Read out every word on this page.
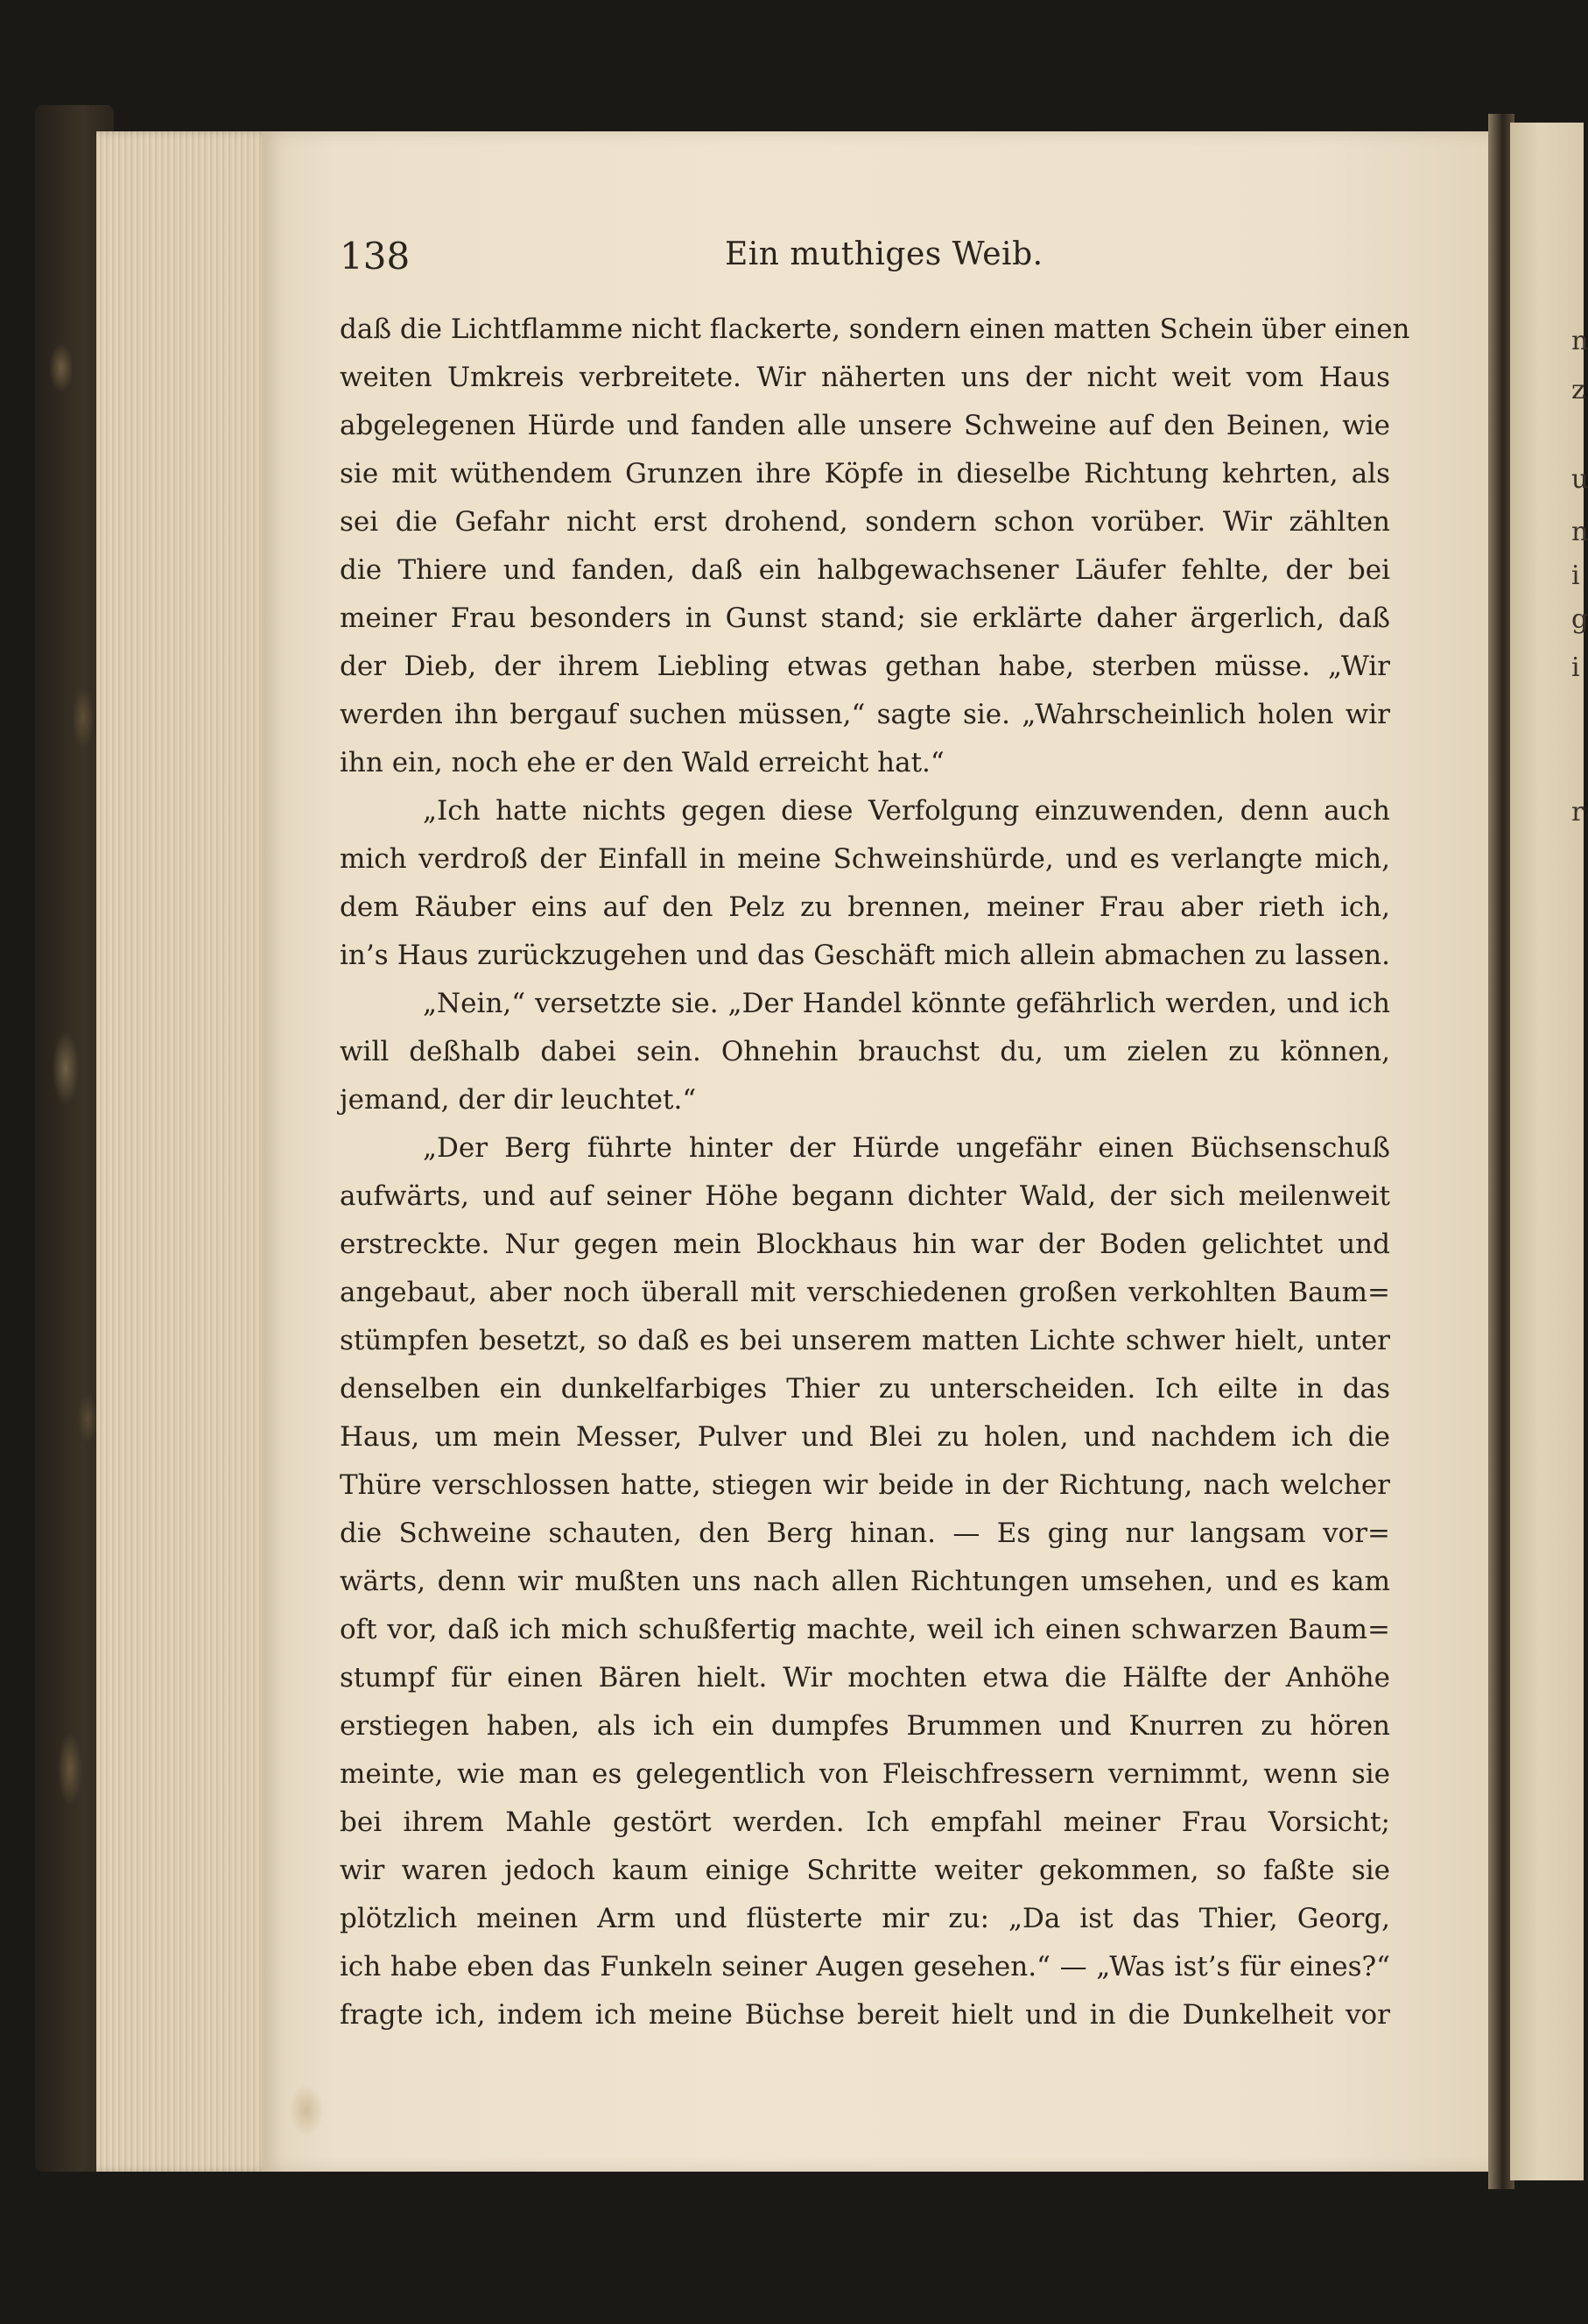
n
z
u
n
i
g
i
r
138	Ein muthiges Weib.
daß die Lichtflamme nicht flackerte, sondern einen matten Schein über einen
weiten Umkreis verbreitete. Wir näherten uns der nicht weit vom Haus
abgelegenen Hürde und fanden alle unsere Schweine auf den Beinen, wie
sie mit wüthendem Grunzen ihre Köpfe in dieselbe Richtung kehrten, als
sei die Gefahr nicht erst drohend, sondern schon vorüber. Wir zählten
die Thiere und fanden, daß ein halbgewachsener Läufer fehlte, der bei
meiner Frau besonders in Gunst stand; sie erklärte daher ärgerlich, daß
der Dieb, der ihrem Liebling etwas gethan habe, sterben müsse. „Wir
werden ihn bergauf suchen müssen,“ sagte sie. „Wahrscheinlich holen wir
ihn ein, noch ehe er den Wald erreicht hat.“
„Ich hatte nichts gegen diese Verfolgung einzuwenden, denn auch
mich verdroß der Einfall in meine Schweinshürde, und es verlangte mich,
dem Räuber eins auf den Pelz zu brennen, meiner Frau aber rieth ich,
in’s Haus zurückzugehen und das Geschäft mich allein abmachen zu lassen.
„Nein,“ versetzte sie. „Der Handel könnte gefährlich werden, und ich
will deßhalb dabei sein. Ohnehin brauchst du, um zielen zu können,
jemand, der dir leuchtet.“
„Der Berg führte hinter der Hürde ungefähr einen Büchsenschuß
aufwärts, und auf seiner Höhe begann dichter Wald, der sich meilenweit
erstreckte. Nur gegen mein Blockhaus hin war der Boden gelichtet und
angebaut, aber noch überall mit verschiedenen großen verkohlten Baum=
stümpfen besetzt, so daß es bei unserem matten Lichte schwer hielt, unter
denselben ein dunkelfarbiges Thier zu unterscheiden. Ich eilte in das
Haus, um mein Messer, Pulver und Blei zu holen, und nachdem ich die
Thüre verschlossen hatte, stiegen wir beide in der Richtung, nach welcher
die Schweine schauten, den Berg hinan. — Es ging nur langsam vor=
wärts, denn wir mußten uns nach allen Richtungen umsehen, und es kam
oft vor, daß ich mich schußfertig machte, weil ich einen schwarzen Baum=
stumpf für einen Bären hielt. Wir mochten etwa die Hälfte der Anhöhe
erstiegen haben, als ich ein dumpfes Brummen und Knurren zu hören
meinte, wie man es gelegentlich von Fleischfressern vernimmt, wenn sie
bei ihrem Mahle gestört werden. Ich empfahl meiner Frau Vorsicht;
wir waren jedoch kaum einige Schritte weiter gekommen, so faßte sie
plötzlich meinen Arm und flüsterte mir zu: „Da ist das Thier, Georg,
ich habe eben das Funkeln seiner Augen gesehen.“ — „Was ist’s für eines?“
fragte ich, indem ich meine Büchse bereit hielt und in die Dunkelheit vor
